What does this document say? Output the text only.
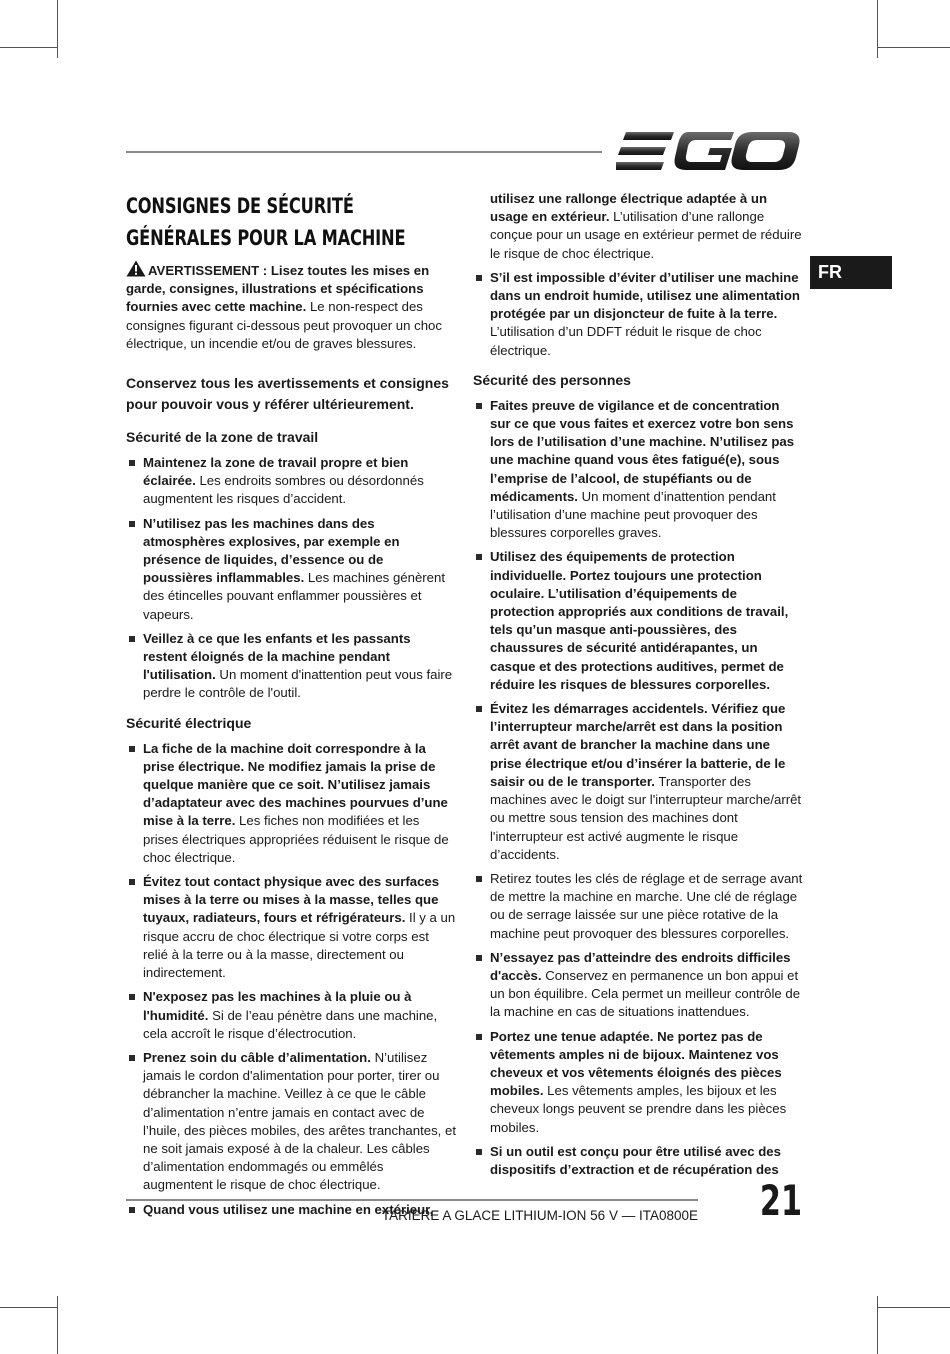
FR
CONSIGNES DE SÉCURITÉ GÉNÉRALES POUR LA MACHINE

AVERTISSEMENT : Lisez toutes les mises en garde, consignes, illustrations et spécifications fournies avec cette machine. Le non-respect des consignes figurant ci-dessous peut provoquer un choc électrique, un incendie et/ou de graves blessures.

Conservez tous les avertissements et consignes pour pouvoir vous y référer ultérieurement.

Sécurité de la zone de travail
Maintenez la zone de travail propre et bien éclairée. Les endroits sombres ou désordonnés augmentent les risques d’accident.
N’utilisez pas les machines dans des atmosphères explosives, par exemple en présence de liquides, d’essence ou de poussières inflammables. Les machines génèrent des étincelles pouvant enflammer poussières et vapeurs.
Veillez à ce que les enfants et les passants restent éloignés de la machine pendant l'utilisation. Un moment d'inattention peut vous faire perdre le contrôle de l'outil.
Sécurité électrique
La fiche de la machine doit correspondre à la prise électrique. Ne modifiez jamais la prise de quelque manière que ce soit. N’utilisez jamais d’adaptateur avec des machines pourvues d’une mise à la terre. Les fiches non modifiées et les prises électriques appropriées réduisent le risque de choc électrique.
Évitez tout contact physique avec des surfaces mises à la terre ou mises à la masse, telles que tuyaux, radiateurs, fours et réfrigérateurs. Il y a un risque accru de choc électrique si votre corps est relié à la terre ou à la masse, directement ou indirectement.
N'exposez pas les machines à la pluie ou à l'humidité. Si de l’eau pénètre dans une machine, cela accroît le risque d’électrocution.
Prenez soin du câble d’alimentation. N’utilisez jamais le cordon d'alimentation pour porter, tirer ou débrancher la machine. Veillez à ce que le câble d’alimentation n’entre jamais en contact avec de l’huile, des pièces mobiles, des arêtes tranchantes, et ne soit jamais exposé à de la chaleur. Les câbles d’alimentation endommagés ou emmêlés augmentent le risque de choc électrique.
Quand vous utilisez une machine en extérieur,
utilisez une rallonge électrique adaptée à un usage en extérieur. L’utilisation d’une rallonge conçue pour un usage en extérieur permet de réduire le risque de choc électrique.
S’il est impossible d’éviter d’utiliser une machine dans un endroit humide, utilisez une alimentation protégée par un disjoncteur de fuite à la terre. L’utilisation d’un DDFT réduit le risque de choc électrique.
Sécurité des personnes
Faites preuve de vigilance et de concentration sur ce que vous faites et exercez votre bon sens lors de l’utilisation d’une machine. N’utilisez pas une machine quand vous êtes fatigué(e), sous l’emprise de l’alcool, de stupéfiants ou de médicaments. Un moment d’inattention pendant l’utilisation d’une machine peut provoquer des blessures corporelles graves.
Utilisez des équipements de protection individuelle. Portez toujours une protection oculaire. L’utilisation d’équipements de protection appropriés aux conditions de travail, tels qu’un masque anti-poussières, des chaussures de sécurité antidérapantes, un casque et des protections auditives, permet de réduire les risques de blessures corporelles.
Évitez les démarrages accidentels. Vérifiez que l’interrupteur marche/arrêt est dans la position arrêt avant de brancher la machine dans une prise électrique et/ou d’insérer la batterie, de le saisir ou de le transporter. Transporter des machines avec le doigt sur l'interrupteur marche/arrêt ou mettre sous tension des machines dont l'interrupteur est activé augmente le risque d’accidents.
Retirez toutes les clés de réglage et de serrage avant de mettre la machine en marche. Une clé de réglage ou de serrage laissée sur une pièce rotative de la machine peut provoquer des blessures corporelles.
N’essayez pas d’atteindre des endroits difficiles d'accès. Conservez en permanence un bon appui et un bon équilibre. Cela permet un meilleur contrôle de la machine en cas de situations inattendues.
Portez une tenue adaptée. Ne portez pas de vêtements amples ni de bijoux. Maintenez vos cheveux et vos vêtements éloignés des pièces mobiles. Les vêtements amples, les bijoux et les cheveux longs peuvent se prendre dans les pièces mobiles.
Si un outil est conçu pour être utilisé avec des dispositifs d’extraction et de récupération des
TARIERE A GLACE LITHIUM-ION 56 V — ITA0800E 21
